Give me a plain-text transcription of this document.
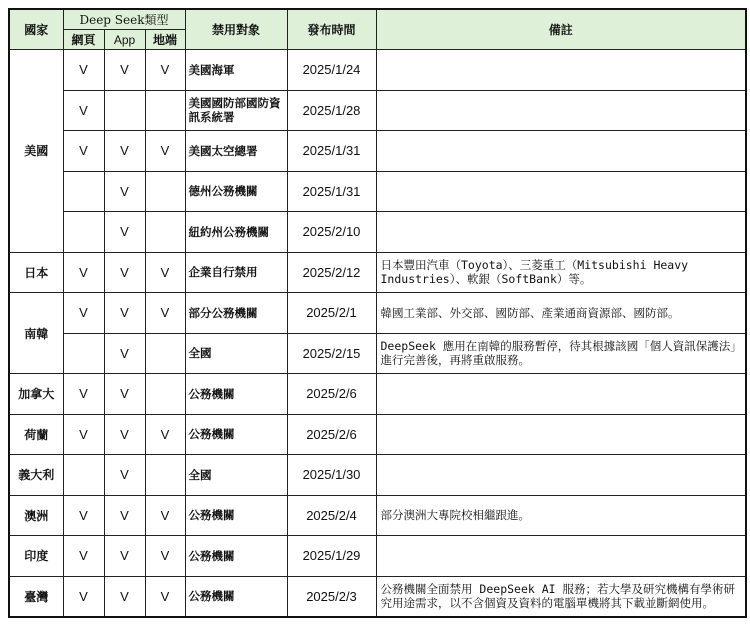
國家	Deep Seek類型			禁用對象	發布時間	備註
	網頁	App	地端			
美國	V	V	V	美國海軍	2025/1/24	
	V			美國國防部國防資訊系統署	2025/1/28	
	V	V	V	美國太空總署	2025/1/31	
		V		德州公務機關	2025/1/31	
		V		紐約州公務機關	2025/2/10	
日本	V	V	V	企業自行禁用	2025/2/12	日本豐田汽車（Toyota）、三菱重工（Mitsubishi Heavy Industries）、軟銀（SoftBank）等。
南韓	V	V	V	部分公務機關	2025/2/1	韓國工業部、外交部、國防部、產業通商資源部、國防部。
		V		全國	2025/2/15	DeepSeek 應用在南韓的服務暫停，待其根據該國「個人資訊保護法」進行完善後，再將重啟服務。
加拿大	V	V		公務機關	2025/2/6	
荷蘭	V	V	V	公務機關	2025/2/6	
義大利		V		全國	2025/1/30	
澳洲	V	V	V	公務機關	2025/2/4	部分澳洲大專院校相繼跟進。
印度	V	V	V	公務機關	2025/1/29	
臺灣	V	V	V	公務機關	2025/2/3	公務機關全面禁用 DeepSeek AI 服務；若大學及研究機構有學術研究用途需求，以不含個資及資料的電腦單機將其下載並斷網使用。
